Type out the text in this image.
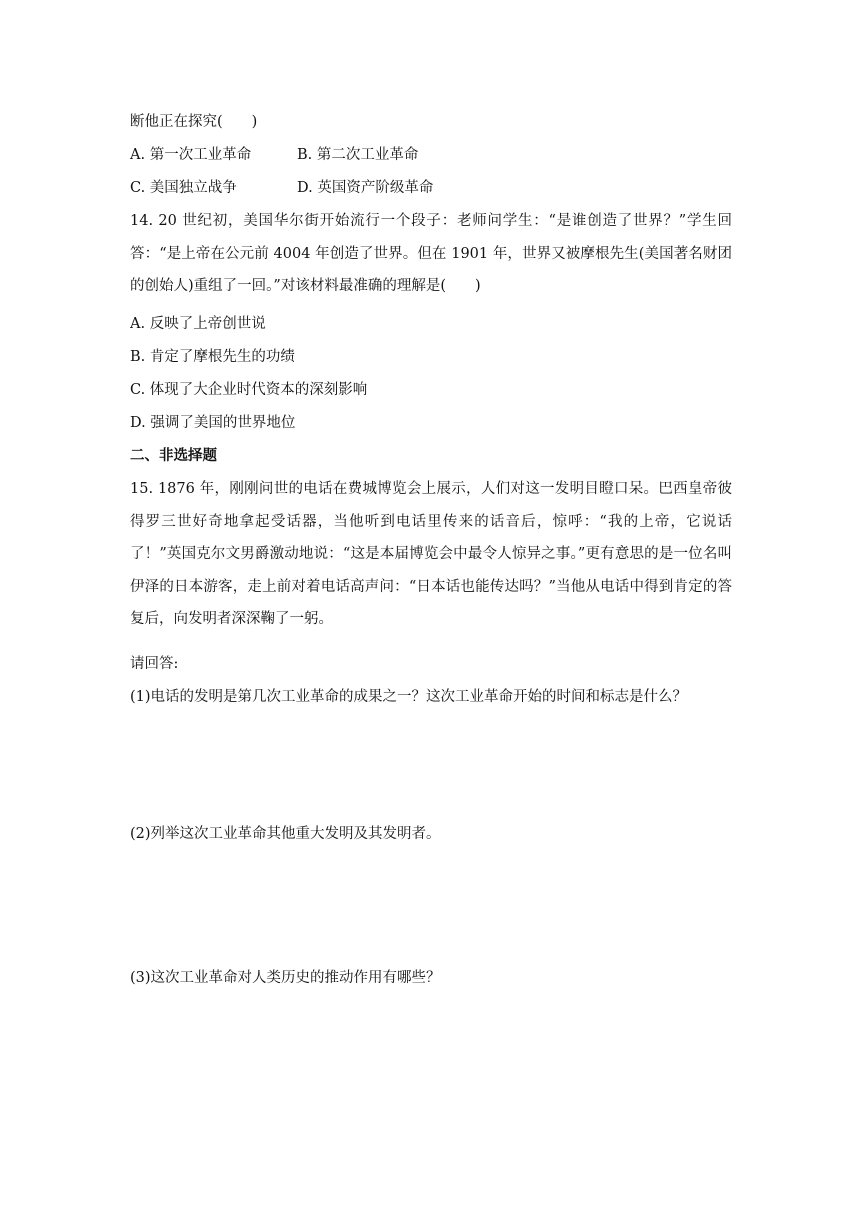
断他正在探究(　　)
A. 第一次工业革命	B. 第二次工业革命
C. 美国独立战争	D. 英国资产阶级革命
14. 20 世纪初，美国华尔街开始流行一个段子：老师问学生：“是谁创造了世界？”学生回答：“是上帝在公元前 4004 年创造了世界。但在 1901 年，世界又被摩根先生(美国著名财团的创始人)重组了一回。”对该材料最准确的理解是(　　)
A. 反映了上帝创世说
B. 肯定了摩根先生的功绩
C. 体现了大企业时代资本的深刻影响
D. 强调了美国的世界地位
二、非选择题
15. 1876 年，刚刚问世的电话在费城博览会上展示，人们对这一发明目瞪口呆。巴西皇帝彼得罗三世好奇地拿起受话器，当他听到电话里传来的话音后，惊呼：“我的上帝，它说话了！”英国克尔文男爵激动地说：“这是本届博览会中最令人惊异之事。”更有意思的是一位名叫伊泽的日本游客，走上前对着电话高声问：“日本话也能传达吗？”当他从电话中得到肯定的答复后，向发明者深深鞠了一躬。
请回答:
(1)电话的发明是第几次工业革命的成果之一？这次工业革命开始的时间和标志是什么？
(2)列举这次工业革命其他重大发明及其发明者。
(3)这次工业革命对人类历史的推动作用有哪些？
